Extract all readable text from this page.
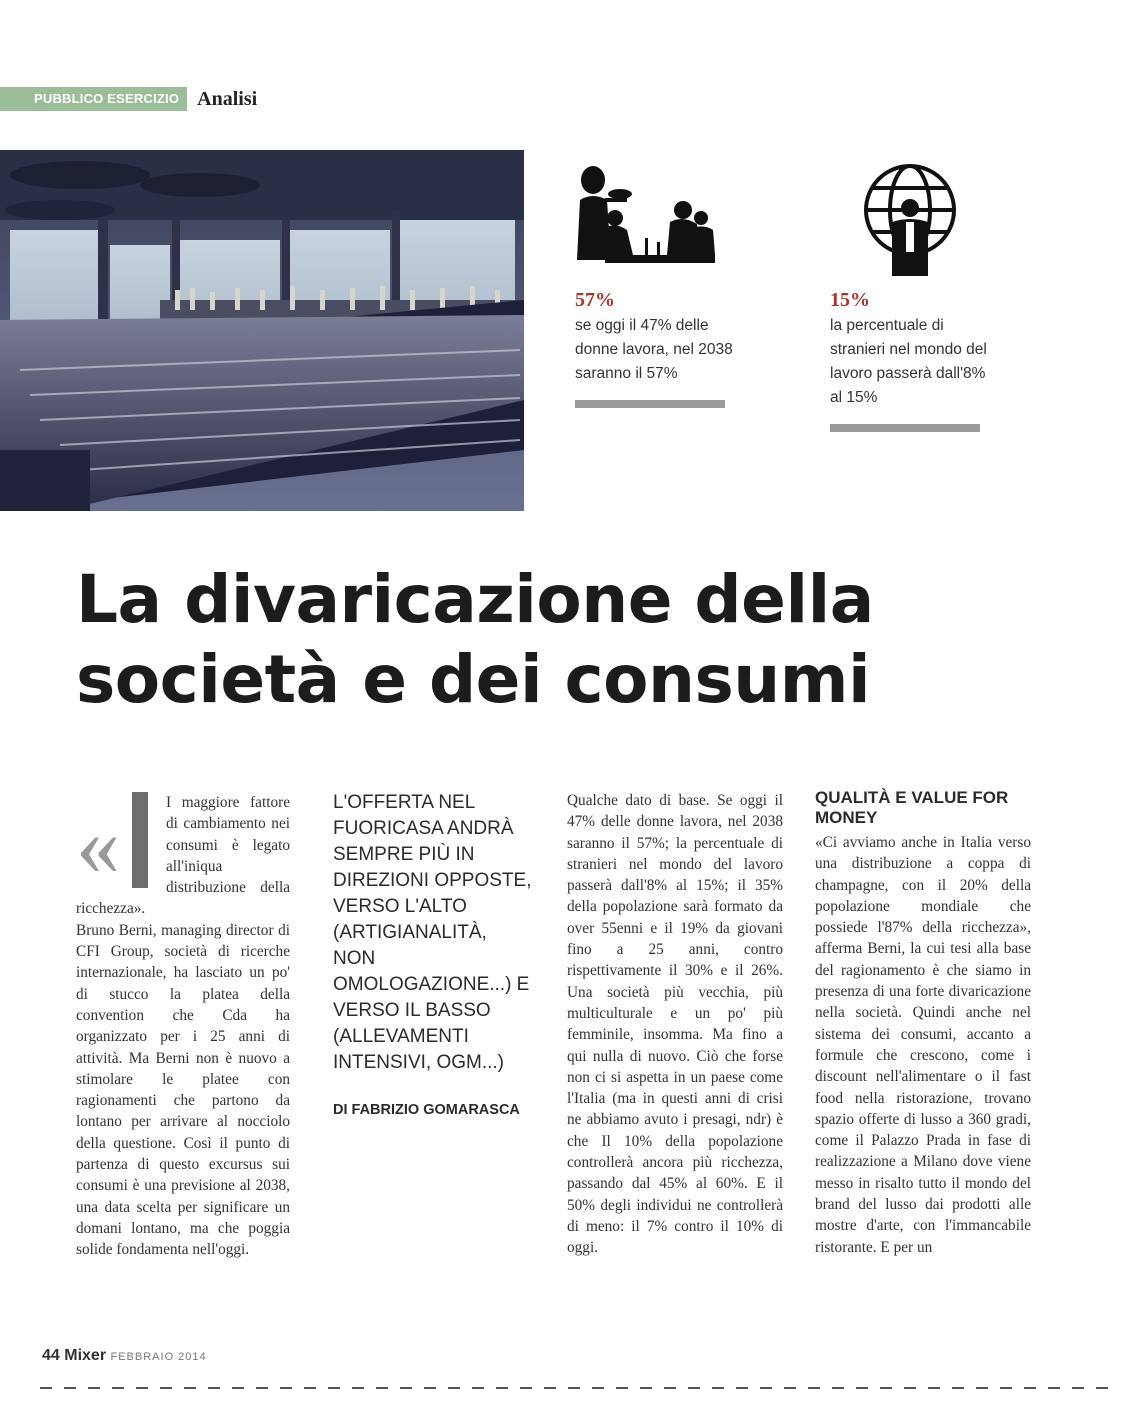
PUBBLICO ESERCIZIO Analisi
57%
se oggi il 47% delle donne lavora, nel 2038 saranno il 57%
15%
la percentuale di stranieri nel mondo del lavoro passerà dall'8% al 15%
La divaricazione della
società e dei consumi
«	I maggiore fattore di cambiamento nei consumi è legato all'iniqua distribuzione della ricchezza».

Bruno Berni, managing director di CFI Group, società di ricerche internazionale, ha lasciato un po' di stucco la platea della convention che Cda ha organizzato per i 25 anni di attività. Ma Berni non è nuovo a stimolare le platee con ragionamenti che partono da lontano per arrivare al nocciolo della questione. Così il punto di partenza di questo excursus sui consumi è una previsione al 2038, una data scelta per significare un domani lontano, ma che poggia solide fondamenta nell'oggi.

L'OFFERTA NEL FUORICASA ANDRÀ SEMPRE PIÙ IN DIREZIONI OPPOSTE, VERSO L'ALTO (ARTIGIANALITÀ, NON OMOLOGAZIONE...) E VERSO IL BASSO (ALLEVAMENTI INTENSIVI, OGM...)
DI FABRIZIO GOMARASCA

Qualche dato di base. Se oggi il 47% delle donne lavora, nel 2038 saranno il 57%; la percentuale di stranieri nel mondo del lavoro passerà dall'8% al 15%; il 35% della popolazione sarà formato da over 55enni e il 19% da giovani fino a 25 anni, contro rispettivamente il 30% e il 26%. Una società più vecchia, più multiculturale e un po' più femminile, insomma. Ma fino a qui nulla di nuovo. Ciò che forse non ci si aspetta in un paese come l'Italia (ma in questi anni di crisi ne abbiamo avuto i presagi, ndr) è che Il 10% della popolazione controllerà ancora più ricchezza, passando dal 45% al 60%. E il 50% degli individui ne controllerà di meno: il 7% contro il 10% di oggi.

QUALITÀ E VALUE FOR MONEY

«Ci avviamo anche in Italia verso una distribuzione a coppa di champagne, con il 20% della popolazione mondiale che possiede l'87% della ricchezza», afferma Berni, la cui tesi alla base del ragionamento è che siamo in presenza di una forte divaricazione nella società. Quindi anche nel sistema dei consumi, accanto a formule che crescono, come i discount nell'alimentare o il fast food nella ristorazione, trovano spazio offerte di lusso a 360 gradi, come il Palazzo Prada in fase di realizzazione a Milano dove viene messo in risalto tutto il mondo del brand del lusso dai prodotti alle mostre d'arte, con l'immancabile ristorante. E per un

44 Mixer FEBBRAIO 2014
